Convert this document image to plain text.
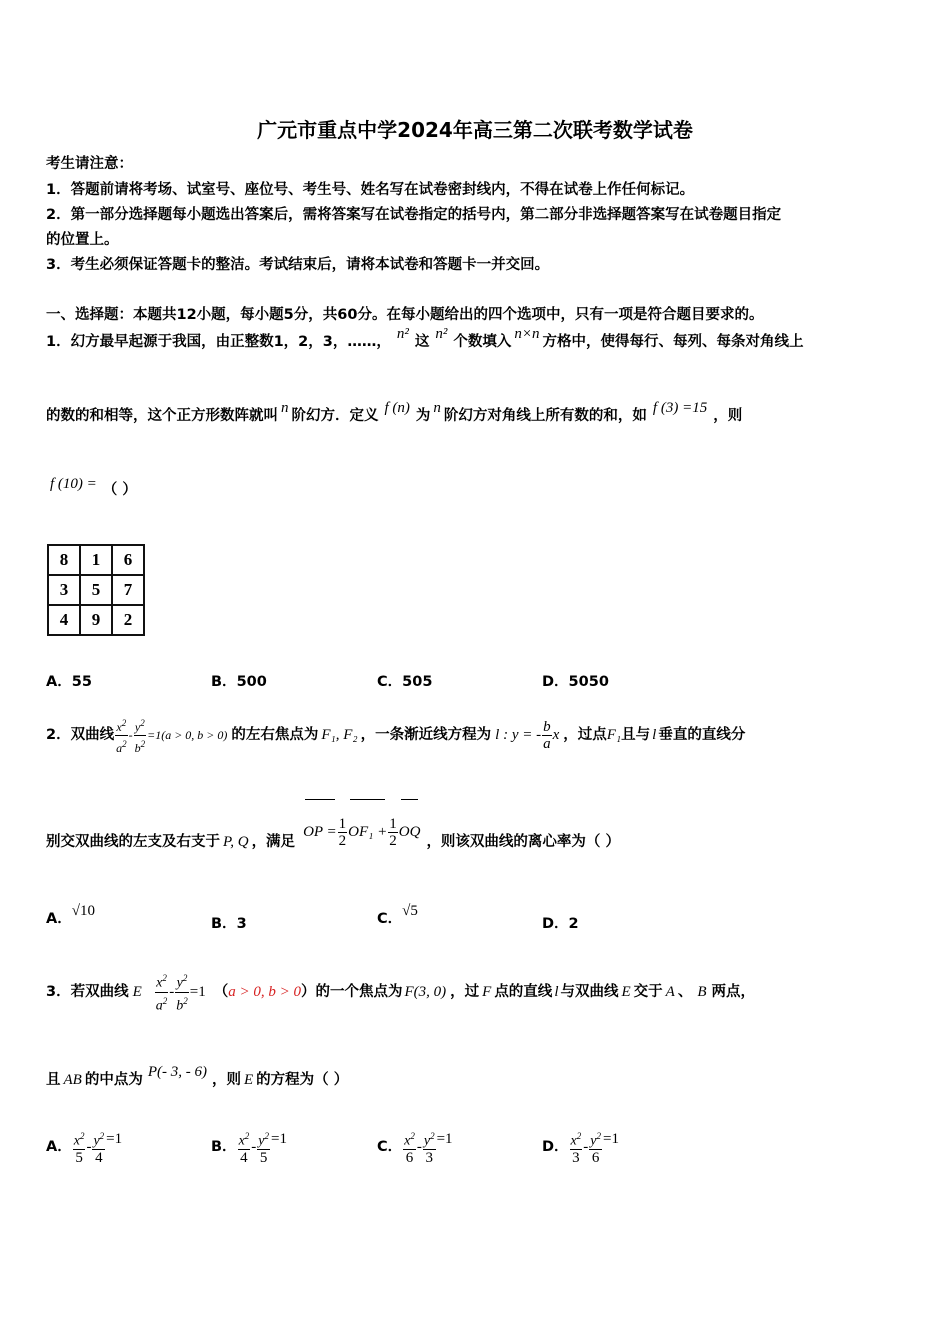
广元市重点中学2024年高三第二次联考数学试卷
考生请注意：
1．答题前请将考场、试室号、座位号、考生号、姓名写在试卷密封线内，不得在试卷上作任何标记。
2．第一部分选择题每小题选出答案后，需将答案写在试卷指定的括号内，第二部分非选择题答案写在试卷题目指定
的位置上。
3．考生必须保证答题卡的整洁。考试结束后，请将本试卷和答题卡一并交回。
一、选择题：本题共12小题，每小题5分，共60分。在每小题给出的四个选项中，只有一项是符合题目要求的。
1．幻方最早起源于我国，由正整数1，2，3，……， n² 这 n² 个数填入 n×n 方格中，使得每行、每列、每条对角线上
的数的和相等，这个正方形数阵就叫 n 阶幻方．定义 f (n) 为 n 阶幻方对角线上所有数的和，如 f (3) =15 ，则
f (10) = （ ）
8	1	6
3	5	7
4	9	2
A．55	B．500	C．505	D．5050
2．双曲线 $\frac{x^2}{a^2} - \frac{y^2}{b^2} =1(a > 0$, b > 0) 的左右焦点为 F₁, F₂ ，一条渐近线方程为 l : y = - $\frac{b}{a}$ x ，过点F₁且与 l 垂直的直线分
别交双曲线的左支及右支于 P, Q ，满足OP = $\frac{1}{2} OF_1 + \frac{1}{2}$ OQ，则该双曲线的离心率为（ ）
A．√10
B．3	C．√5
D．2
3．若双曲线 E $\frac{x^2}{a^2} - \frac{y^2}{b^2} =1$ （a > 0, b > 0）的一个焦点为 F(3, 0) ，过 F 点的直线 l 与双曲线 E 交于 A 、 B 两点，
且 AB 的中点为 P(- 3, - 6) ，则 E 的方程为（ ）
A． $\frac{x^2}{5} - \frac{y^2}{4} =1$	B． $\frac{x^2}{4} - \frac{y^2}{5} =1$	C． $\frac{x^2}{6} - \frac{y^2}{3} =1$	D． $\frac{x^2}{3} - \frac{y^2}{6} =1$
